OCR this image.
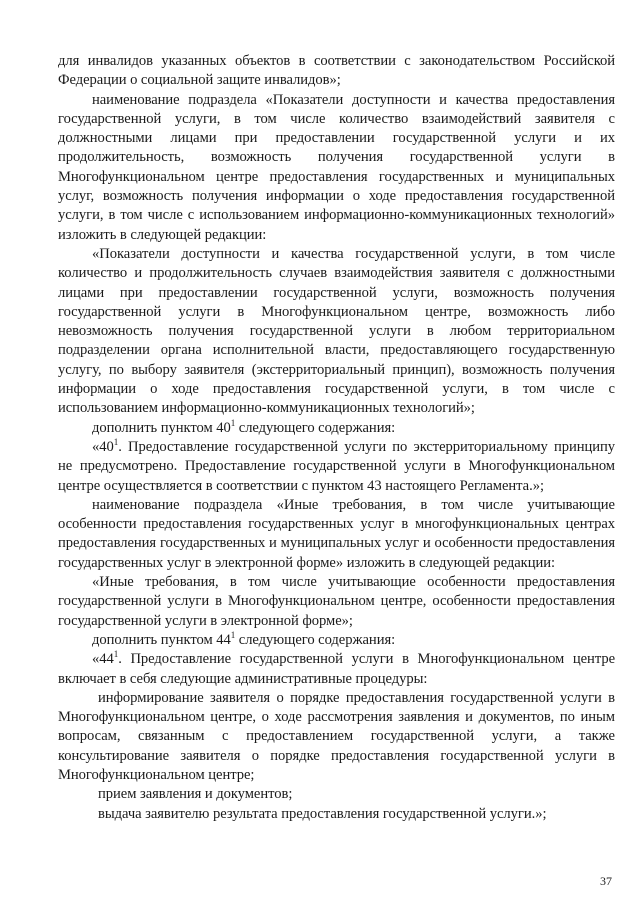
для инвалидов указанных объектов в соответствии с законодательством Российской Федерации о социальной защите инвалидов»;

наименование подраздела «Показатели доступности и качества предоставления государственной услуги, в том числе количество взаимодействий заявителя с должностными лицами при предоставлении государственной услуги и их продолжительность, возможность получения государственной услуги в Многофункциональном центре предоставления государственных и муниципальных услуг, возможность получения информации о ходе предоставления государственной услуги, в том числе с использованием информационно-коммуникационных технологий» изложить в следующей редакции:

«Показатели доступности и качества государственной услуги, в том числе количество и продолжительность случаев взаимодействия заявителя с должностными лицами при предоставлении государственной услуги, возможность получения государственной услуги в Многофункциональном центре, возможность либо невозможность получения государственной услуги в любом территориальном подразделении органа исполнительной власти, предоставляющего государственную услугу, по выбору заявителя (экстерриториальный принцип), возможность получения информации о ходе предоставления государственной услуги, в том числе с использованием информационно-коммуникационных технологий»;

дополнить пунктом $40^1$ следующего содержания:

«$40^1$. Предоставление государственной услуги по экстерриториальному принципу не предусмотрено. Предоставление государственной услуги в Многофункциональном центре осуществляется в соответствии с пунктом 43 настоящего Регламента.»;

наименование подраздела «Иные требования, в том числе учитывающие особенности предоставления государственных услуг в многофункциональных центрах предоставления государственных и муниципальных услуг и особенности предоставления государственных услуг в электронной форме» изложить в следующей редакции:

«Иные требования, в том числе учитывающие особенности предоставления государственной услуги в Многофункциональном центре, особенности предоставления государственной услуги в электронной форме»;

дополнить пунктом $44^1$ следующего содержания:

«$44^1$. Предоставление государственной услуги в Многофункциональном центре включает в себя следующие административные процедуры:

информирование заявителя о порядке предоставления государственной услуги в Многофункциональном центре, о ходе рассмотрения заявления и документов, по иным вопросам, связанным с предоставлением государственной услуги, а также консультирование заявителя о порядке предоставления государственной услуги в Многофункциональном центре;

прием заявления и документов;

выдача заявителю результата предоставления государственной услуги.»;

37
